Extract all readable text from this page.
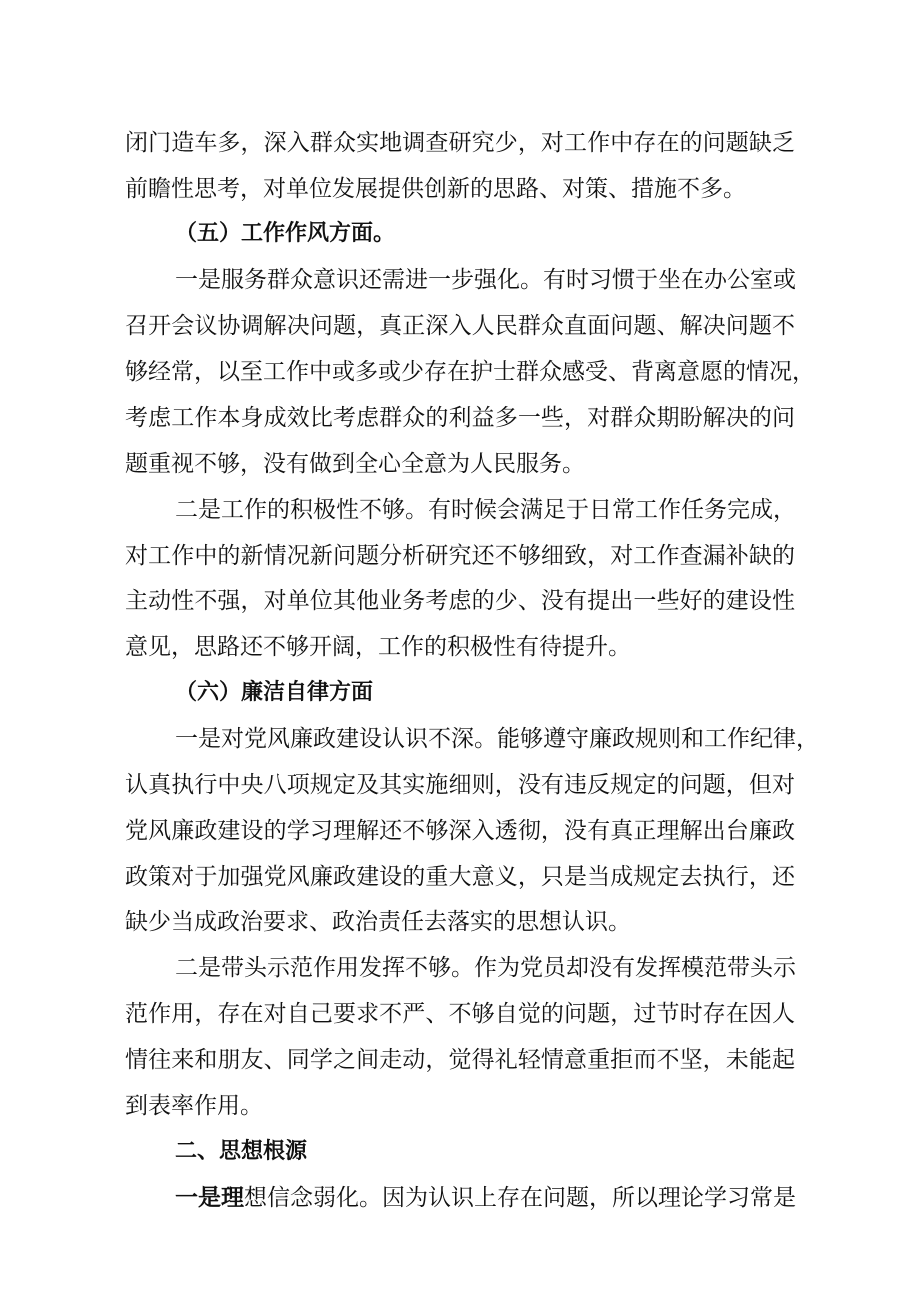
闭门造车多，深入群众实地调查研究少，对工作中存在的问题缺乏
前瞻性思考，对单位发展提供创新的思路、对策、措施不多。
（五）工作作风方面。
一是服务群众意识还需进一步强化。有时习惯于坐在办公室或
召开会议协调解决问题，真正深入人民群众直面问题、解决问题不
够经常，以至工作中或多或少存在护士群众感受、背离意愿的情况，
考虑工作本身成效比考虑群众的利益多一些，对群众期盼解决的问
题重视不够，没有做到全心全意为人民服务。
二是工作的积极性不够。有时候会满足于日常工作任务完成，
对工作中的新情况新问题分析研究还不够细致，对工作查漏补缺的
主动性不强，对单位其他业务考虑的少、没有提出一些好的建设性
意见，思路还不够开阔，工作的积极性有待提升。
（六）廉洁自律方面
一是对党风廉政建设认识不深。能够遵守廉政规则和工作纪律，
认真执行中央八项规定及其实施细则，没有违反规定的问题，但对
党风廉政建设的学习理解还不够深入透彻，没有真正理解出台廉政
政策对于加强党风廉政建设的重大意义，只是当成规定去执行，还
缺少当成政治要求、政治责任去落实的思想认识。
二是带头示范作用发挥不够。作为党员却没有发挥模范带头示
范作用，存在对自己要求不严、不够自觉的问题，过节时存在因人
情往来和朋友、同学之间走动，觉得礼轻情意重拒而不坚，未能起
到表率作用。
二、思想根源
一是理想信念弱化。因为认识上存在问题，所以理论学习常是
